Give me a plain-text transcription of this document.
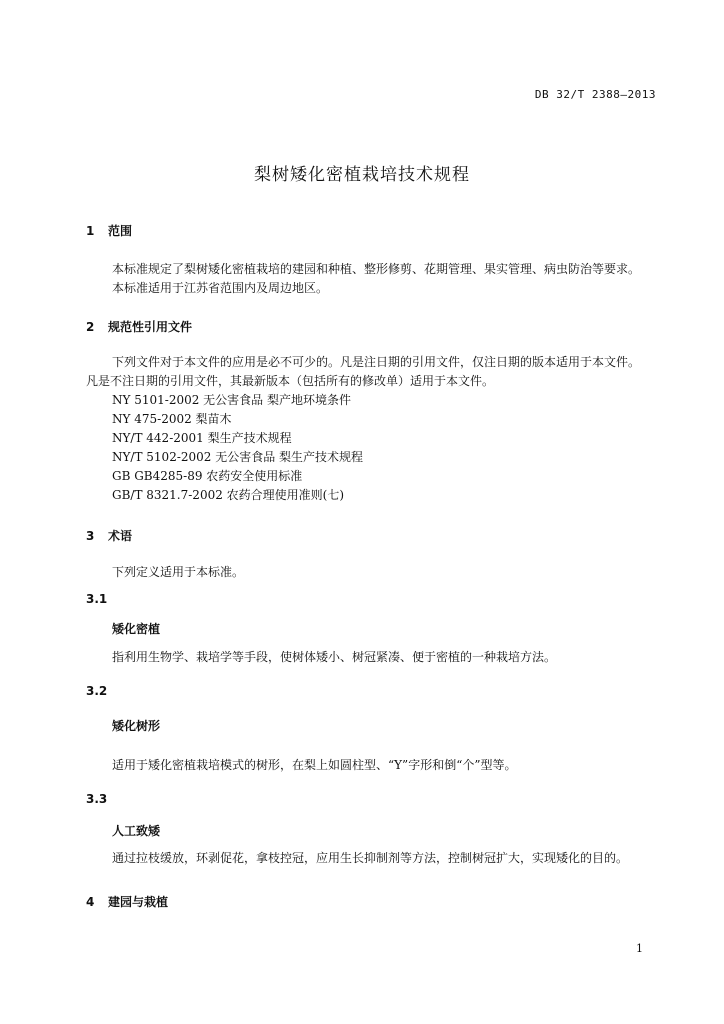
DB 32/T 2388—2013
梨树矮化密植栽培技术规程
1 范围
本标准规定了梨树矮化密植栽培的建园和种植、整形修剪、花期管理、果实管理、病虫防治等要求。
本标准适用于江苏省范围内及周边地区。
2 规范性引用文件
下列文件对于本文件的应用是必不可少的。凡是注日期的引用文件，仅注日期的版本适用于本文件。
凡是不注日期的引用文件，其最新版本（包括所有的修改单）适用于本文件。
NY 5101-2002 无公害食品 梨产地环境条件
NY 475-2002 梨苗木
NY/T 442-2001 梨生产技术规程
NY/T 5102-2002 无公害食品 梨生产技术规程
GB GB4285-89 农药安全使用标准
GB/T 8321.7-2002 农药合理使用准则(七)
3 术语
下列定义适用于本标准。
3.1
矮化密植
指利用生物学、栽培学等手段，使树体矮小、树冠紧凑、便于密植的一种栽培方法。
3.2
矮化树形
适用于矮化密植栽培模式的树形，在梨上如圆柱型、“Y”字形和倒“个”型等。
3.3
人工致矮
通过拉枝缓放，环剥促花，拿枝控冠，应用生长抑制剂等方法，控制树冠扩大，实现矮化的目的。
4 建园与栽植
1
